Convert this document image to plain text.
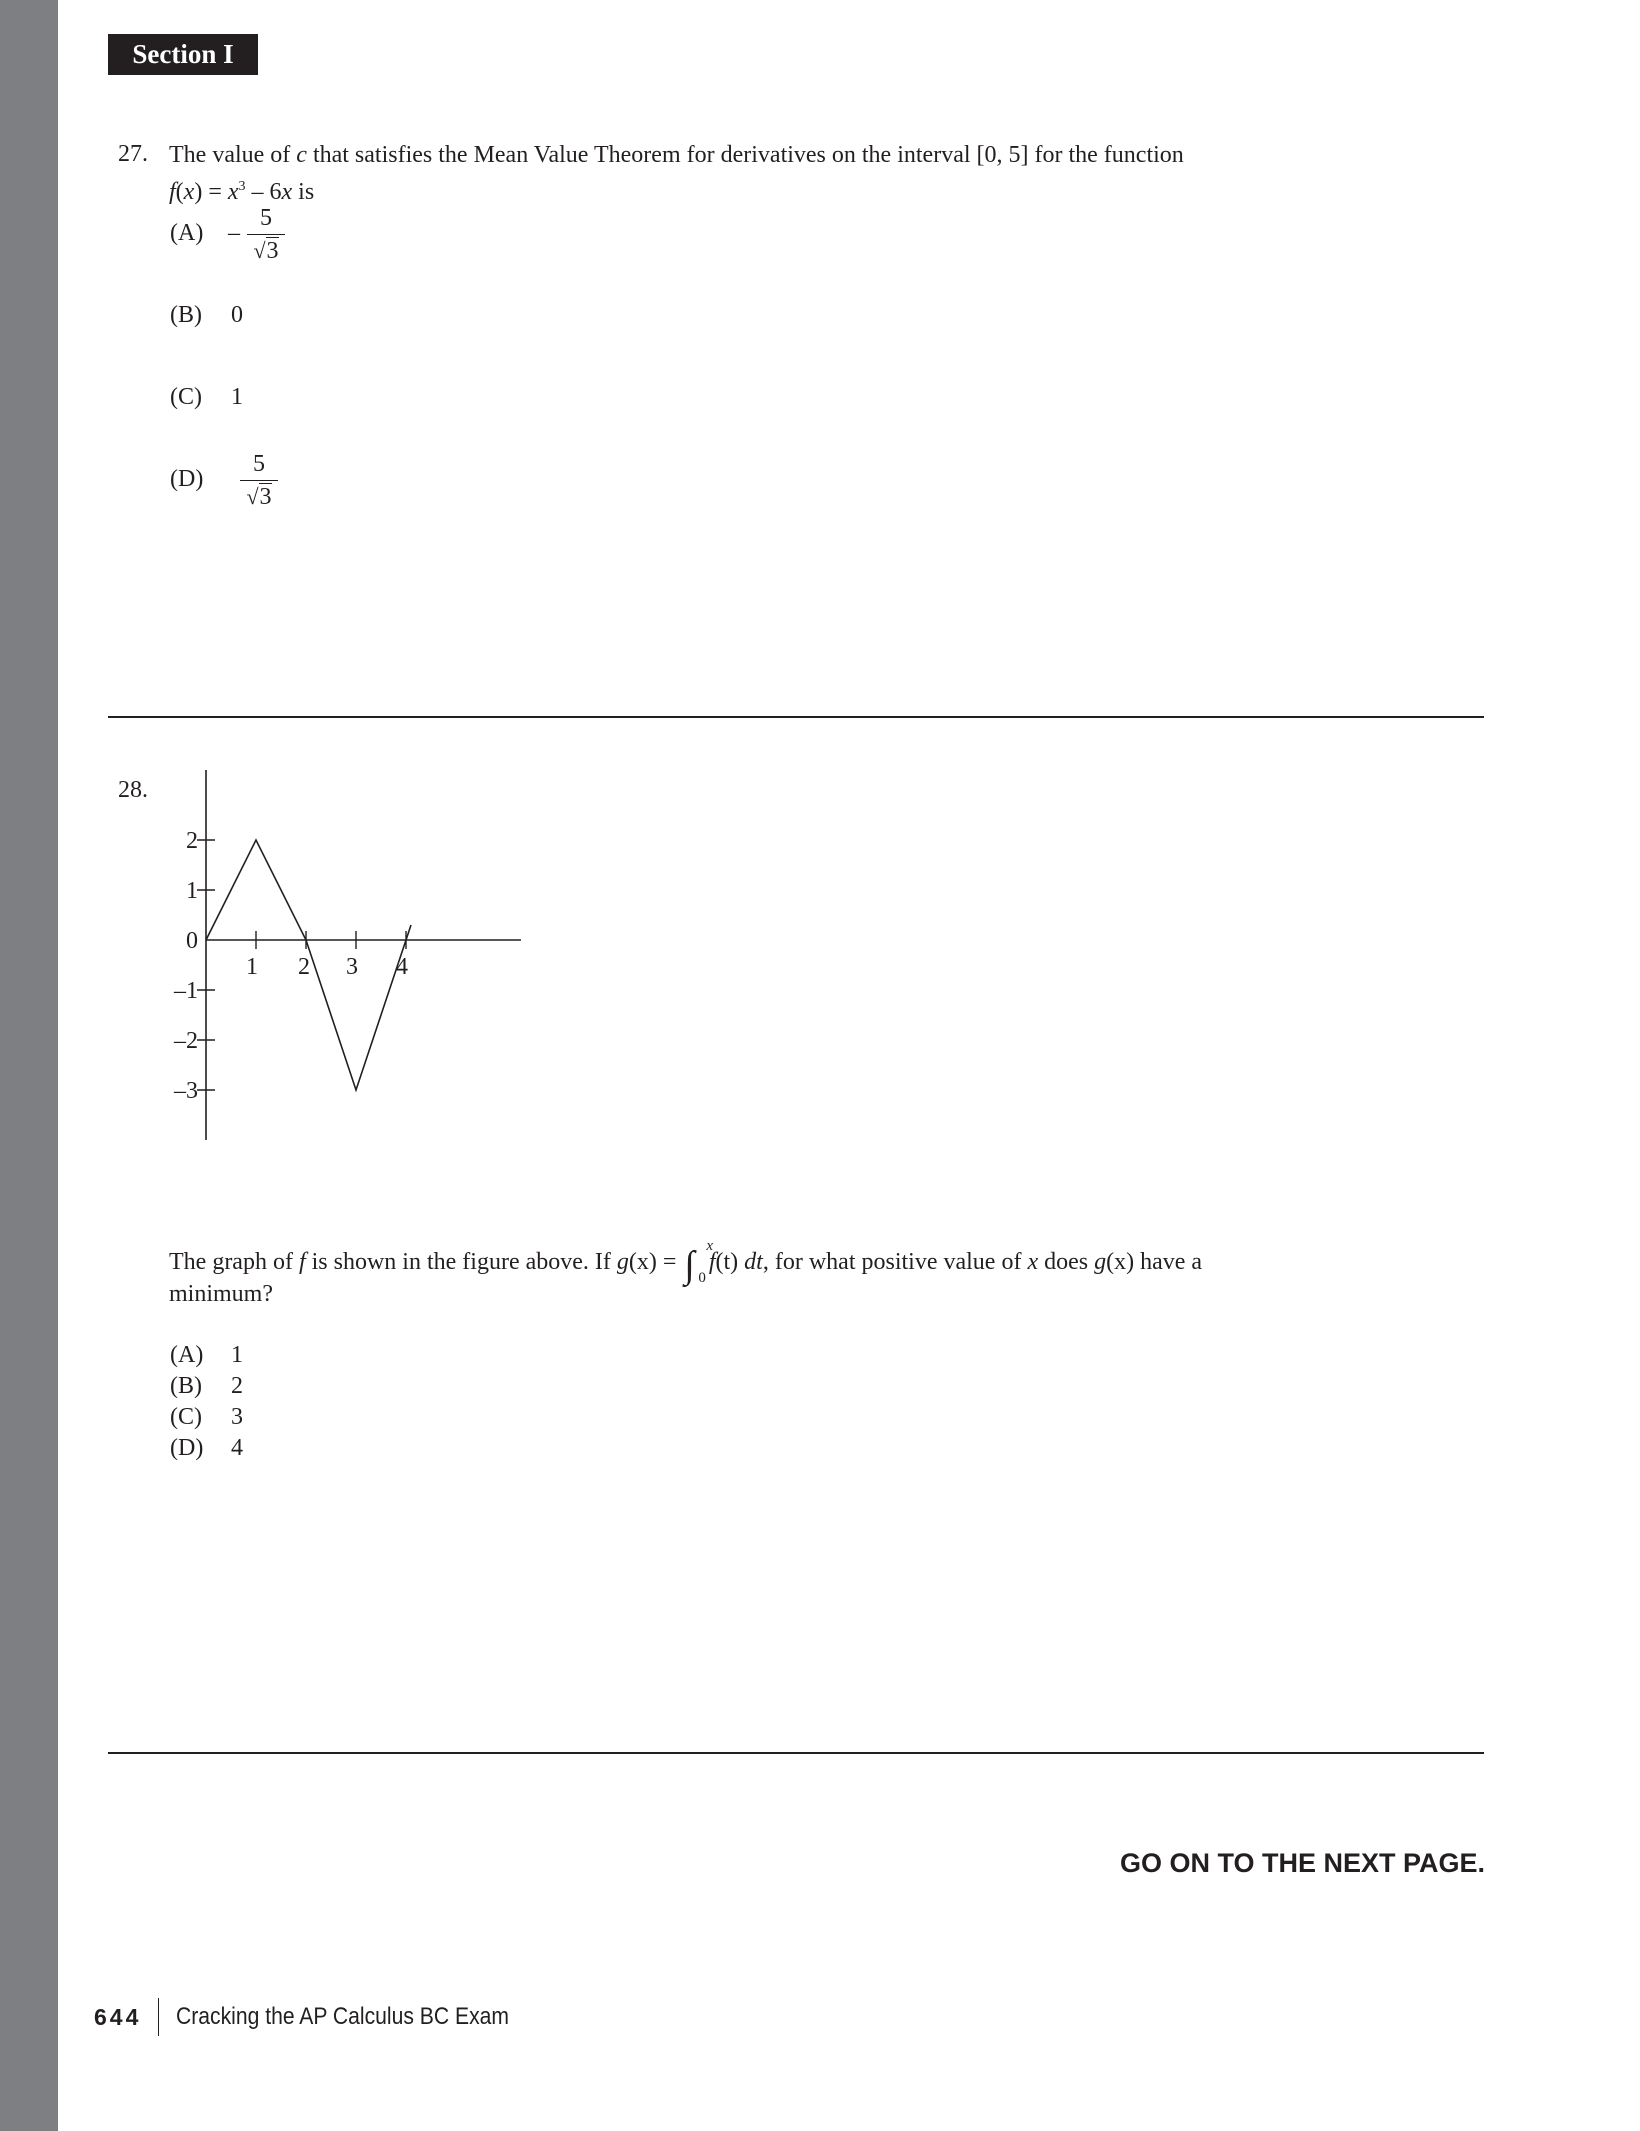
Section I
27. The value of c that satisfies the Mean Value Theorem for derivatives on the interval [0, 5] for the function
$f(x) = x^3 - 6x$ is
(A) –
5
√3
(B) 0
(C) 1
(D)
5
√3
28.
2
1
0
–1
–2
–3
1 2 3 4
The graph of f is shown in the figure above. If g(x) = ∫ x
0
f(t) dt, for what positive value of x does g(x) have a
minimum?
(A) 1
(B) 2
(C) 3
(D) 4
GO ON TO THE NEXT PAGE.
644 Cracking the AP Calculus BC Exam
